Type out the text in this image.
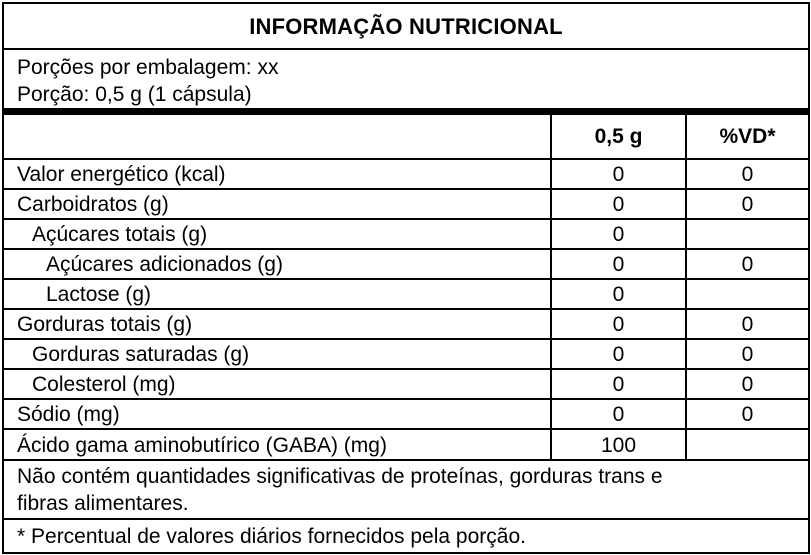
INFORMAÇÃO NUTRICIONAL
Porções por embalagem: xx
Porção: 0,5 g (1 cápsula)
0,5 g	%VD*
Valor energético (kcal)	0	0
Carboidratos (g)	0	0
Açúcares totais (g)	0
Açúcares adicionados (g)	0	0
Lactose (g)	0
Gorduras totais (g)	0	0
Gorduras saturadas (g)	0	0
Colesterol (mg)	0	0
Sódio (mg)	0	0
Ácido gama aminobutírico (GABA) (mg)	100
Não contém quantidades significativas de proteínas, gorduras trans e
fibras alimentares.
* Percentual de valores diários fornecidos pela porção.
